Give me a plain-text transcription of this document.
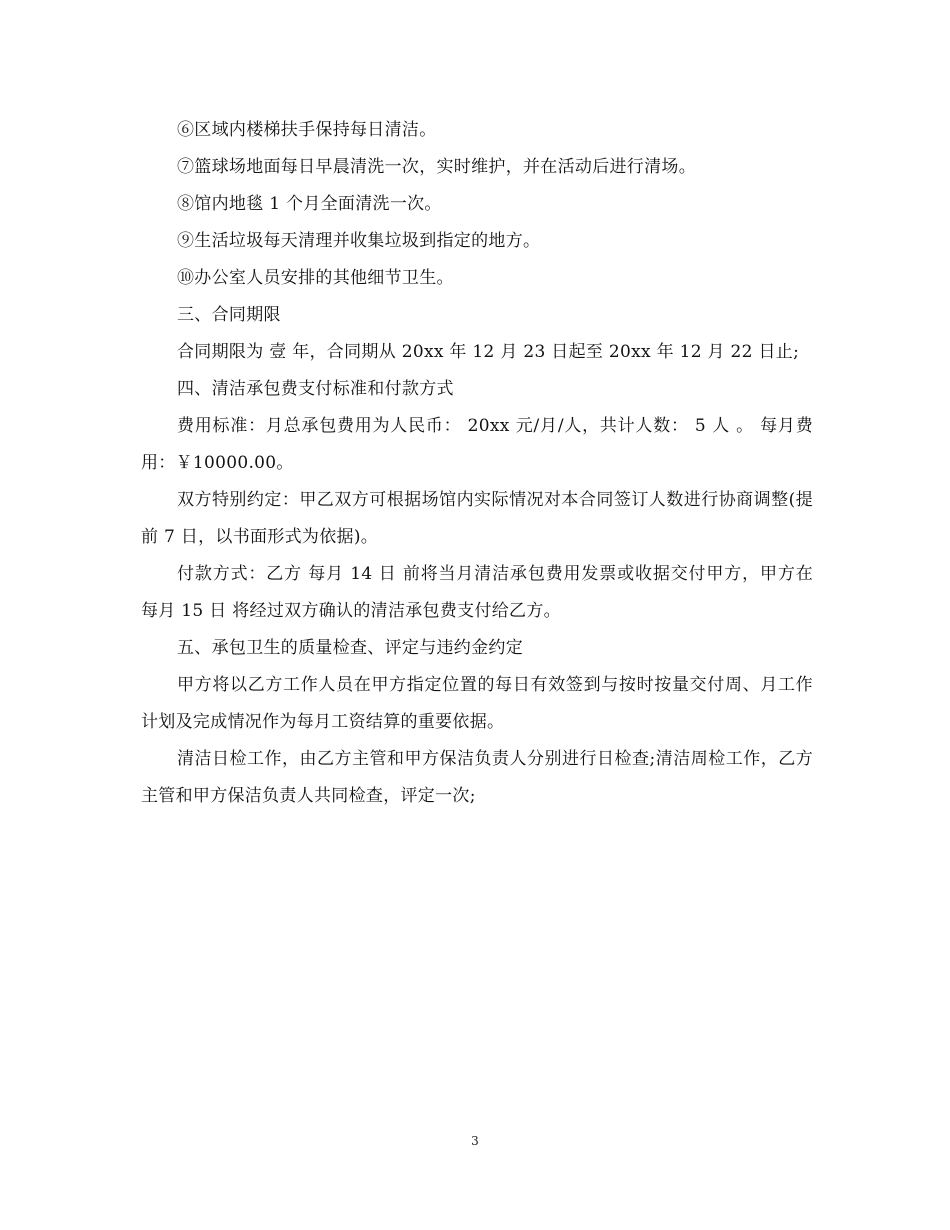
⑥区域内楼梯扶手保持每日清洁。

⑦篮球场地面每日早晨清洗一次，实时维护，并在活动后进行清场。

⑧馆内地毯 1 个月全面清洗一次。

⑨生活垃圾每天清理并收集垃圾到指定的地方。

⑩办公室人员安排的其他细节卫生。

三、合同期限

合同期限为 壹 年，合同期从 20xx 年 12 月 23 日起至 20xx 年 12 月 22 日止;

四、清洁承包费支付标准和付款方式

费用标准：月总承包费用为人民币： 20xx 元/月/人，共计人数： 5 人 。 每月费用：￥10000.00。

双方特别约定：甲乙双方可根据场馆内实际情况对本合同签订人数进行协商调整(提前 7 日，以书面形式为依据)。

付款方式：乙方 每月 14 日 前将当月清洁承包费用发票或收据交付甲方，甲方在 每月 15 日 将经过双方确认的清洁承包费支付给乙方。

五、承包卫生的质量检查、评定与违约金约定

甲方将以乙方工作人员在甲方指定位置的每日有效签到与按时按量交付周、月工作计划及完成情况作为每月工资结算的重要依据。

清洁日检工作，由乙方主管和甲方保洁负责人分别进行日检查;清洁周检工作，乙方主管和甲方保洁负责人共同检查，评定一次;

3
